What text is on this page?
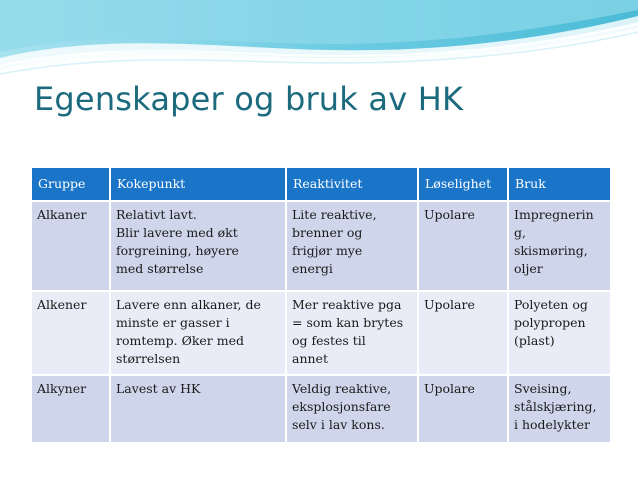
Egenskaper og bruk av HK
Gruppe	Kokepunkt	Reaktivitet	Løselighet	Bruk

Alkaner	Relativt lavt.
Blir lavere med økt
forgreining, høyere
med størrelse	Lite reaktive,
brenner og
frigjør mye
energi	Upolare	Impregnerin
g,
skismøring,
oljer

Alkener	Lavere enn alkaner, de
minste er gasser i
romtemp. Øker med
størrelsen	Mer reaktive pga
= som kan brytes
og festes til
annet	Upolare	Polyeten og
polypropen
(plast)

Alkyner	Lavest av HK	Veldig reaktive,
eksplosjonsfare
selv i lav kons.	Upolare	Sveising,
stålskjæring,
i hodelykter
